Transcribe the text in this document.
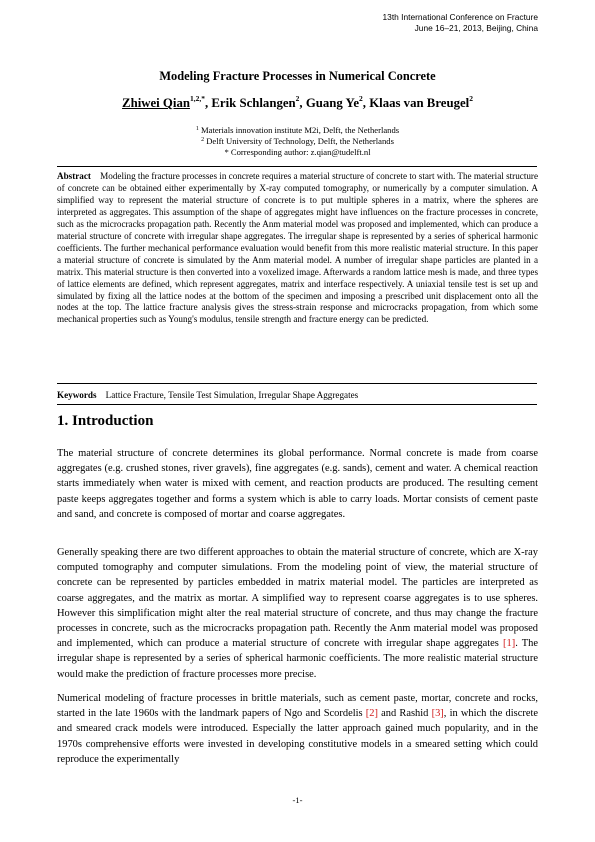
13th International Conference on Fracture
June 16–21, 2013, Beijing, China
Modeling Fracture Processes in Numerical Concrete
Zhiwei Qian$^{1,2,*}$, Erik Schlangen$^2$, Guang Ye$^2$, Klaas van Breugel$^2$
$^1$ Materials innovation institute M2i, Delft, the Netherlands
$^2$ Delft University of Technology, Delft, the Netherlands
* Corresponding author: z.qian@tudelft.nl
Abstract Modeling the fracture processes in concrete requires a material structure of concrete to start with. The material structure of concrete can be obtained either experimentally by X-ray computed tomography, or numerically by a computer simulation. A simplified way to represent the material structure of concrete is to put multiple spheres in a matrix, where the spheres are interpreted as aggregates. This assumption of the shape of aggregates might have influences on the fracture processes in concrete, such as the microcracks propagation path. Recently the Anm material model was proposed and implemented, which can produce a material structure of concrete with irregular shape aggregates. The irregular shape is represented by a series of spherical harmonic coefficients. The further mechanical performance evaluation would benefit from this more realistic material structure. In this paper a material structure of concrete is simulated by the Anm material model. A number of irregular shape particles are planted in a matrix. This material structure is then converted into a voxelized image. Afterwards a random lattice mesh is made, and three types of lattice elements are defined, which represent aggregates, matrix and interface respectively. A uniaxial tensile test is set up and simulated by fixing all the lattice nodes at the bottom of the specimen and imposing a prescribed unit displacement onto all the nodes at the top. The lattice fracture analysis gives the stress-strain response and microcracks propagation, from which some mechanical properties such as Young's modulus, tensile strength and fracture energy can be predicted.
Keywords Lattice Fracture, Tensile Test Simulation, Irregular Shape Aggregates
1. Introduction
The material structure of concrete determines its global performance. Normal concrete is made from coarse aggregates (e.g. crushed stones, river gravels), fine aggregates (e.g. sands), cement and water. A chemical reaction starts immediately when water is mixed with cement, and reaction products are produced. The resulting cement paste keeps aggregates together and forms a system which is able to carry loads. Mortar consists of cement paste and sand, and concrete is composed of mortar and coarse aggregates.
Generally speaking there are two different approaches to obtain the material structure of concrete, which are X-ray computed tomography and computer simulations. From the modeling point of view, the material structure of concrete can be represented by particles embedded in matrix material model. The particles are interpreted as coarse aggregates, and the matrix as mortar. A simplified way to represent coarse aggregates is to use spheres. However this simplification might alter the real material structure of concrete, and thus may change the fracture processes in concrete, such as the microcracks propagation path. Recently the Anm material model was proposed and implemented, which can produce a material structure of concrete with irregular shape aggregates [1]. The irregular shape is represented by a series of spherical harmonic coefficients. The more realistic material structure would make the prediction of fracture processes more precise.
Numerical modeling of fracture processes in brittle materials, such as cement paste, mortar, concrete and rocks, started in the late 1960s with the landmark papers of Ngo and Scordelis [2] and Rashid [3], in which the discrete and smeared crack models were introduced. Especially the latter approach gained much popularity, and in the 1970s comprehensive efforts were invested in developing constitutive models in a smeared setting which could reproduce the experimentally
-1-
